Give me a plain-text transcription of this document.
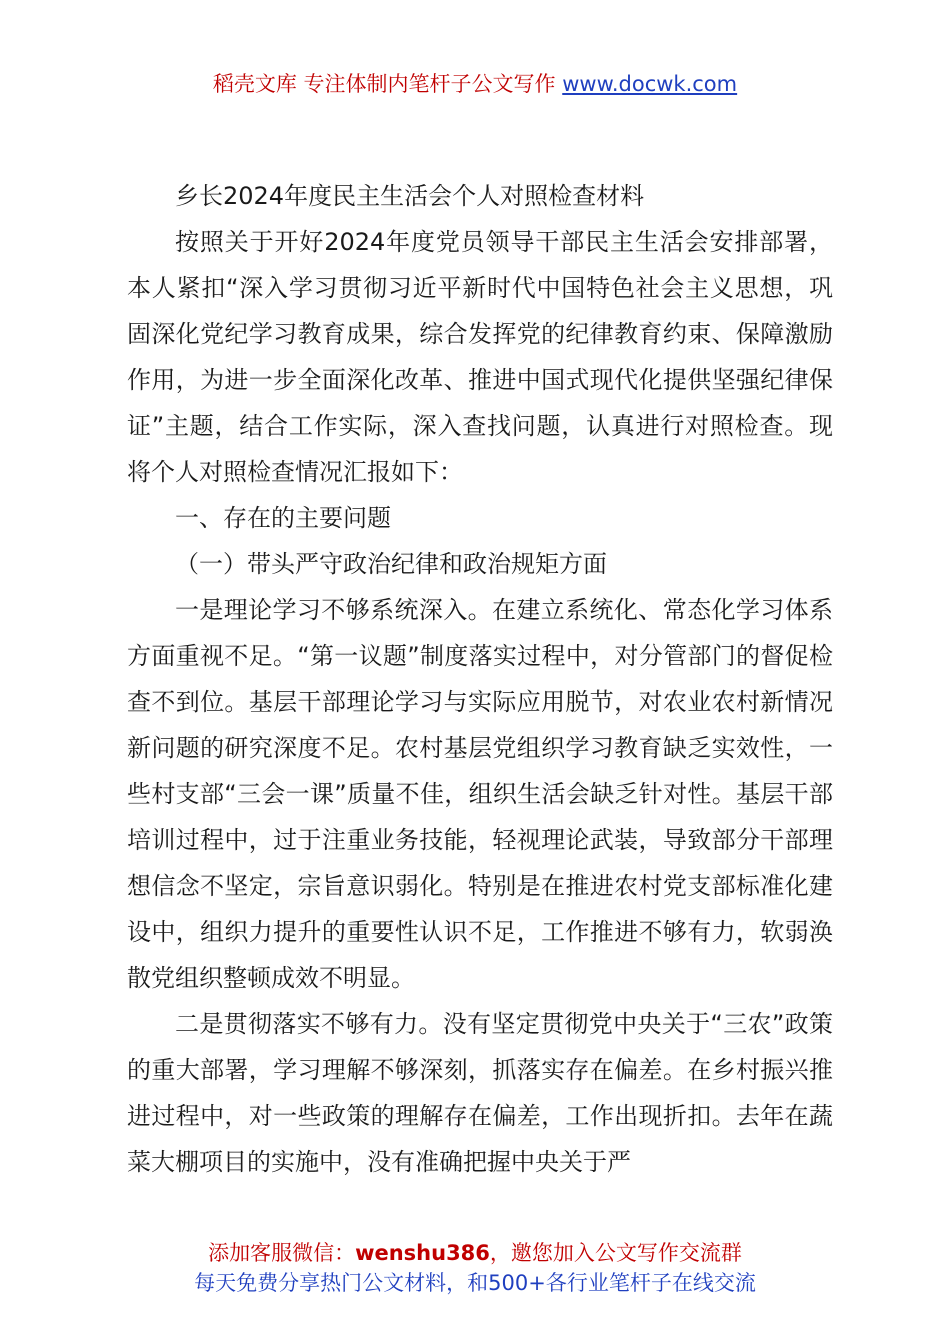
稻壳文库 专注体制内笔杆子公文写作 www.docwk.com

乡长2024年度民主生活会个人对照检查材料

按照关于开好2024年度党员领导干部民主生活会安排部署，本人紧扣“深入学习贯彻习近平新时代中国特色社会主义思想，巩固深化党纪学习教育成果，综合发挥党的纪律教育约束、保障激励作用，为进一步全面深化改革、推进中国式现代化提供坚强纪律保证”主题，结合工作实际，深入查找问题，认真进行对照检查。现将个人对照检查情况汇报如下：

一、存在的主要问题

（一）带头严守政治纪律和政治规矩方面

一是理论学习不够系统深入。在建立系统化、常态化学习体系方面重视不足。“第一议题”制度落实过程中，对分管部门的督促检查不到位。基层干部理论学习与实际应用脱节，对农业农村新情况新问题的研究深度不足。农村基层党组织学习教育缺乏实效性，一些村支部“三会一课”质量不佳，组织生活会缺乏针对性。基层干部培训过程中，过于注重业务技能，轻视理论武装，导致部分干部理想信念不坚定，宗旨意识弱化。特别是在推进农村党支部标准化建设中，组织力提升的重要性认识不足，工作推进不够有力，软弱涣散党组织整顿成效不明显。

二是贯彻落实不够有力。没有坚定贯彻党中央关于“三农”政策的重大部署，学习理解不够深刻，抓落实存在偏差。在乡村振兴推进过程中，对一些政策的理解存在偏差，工作出现折扣。去年在蔬菜大棚项目的实施中，没有准确把握中央关于严

添加客服微信：wenshu386，邀您加入公文写作交流群
每天免费分享热门公文材料，和500+各行业笔杆子在线交流
